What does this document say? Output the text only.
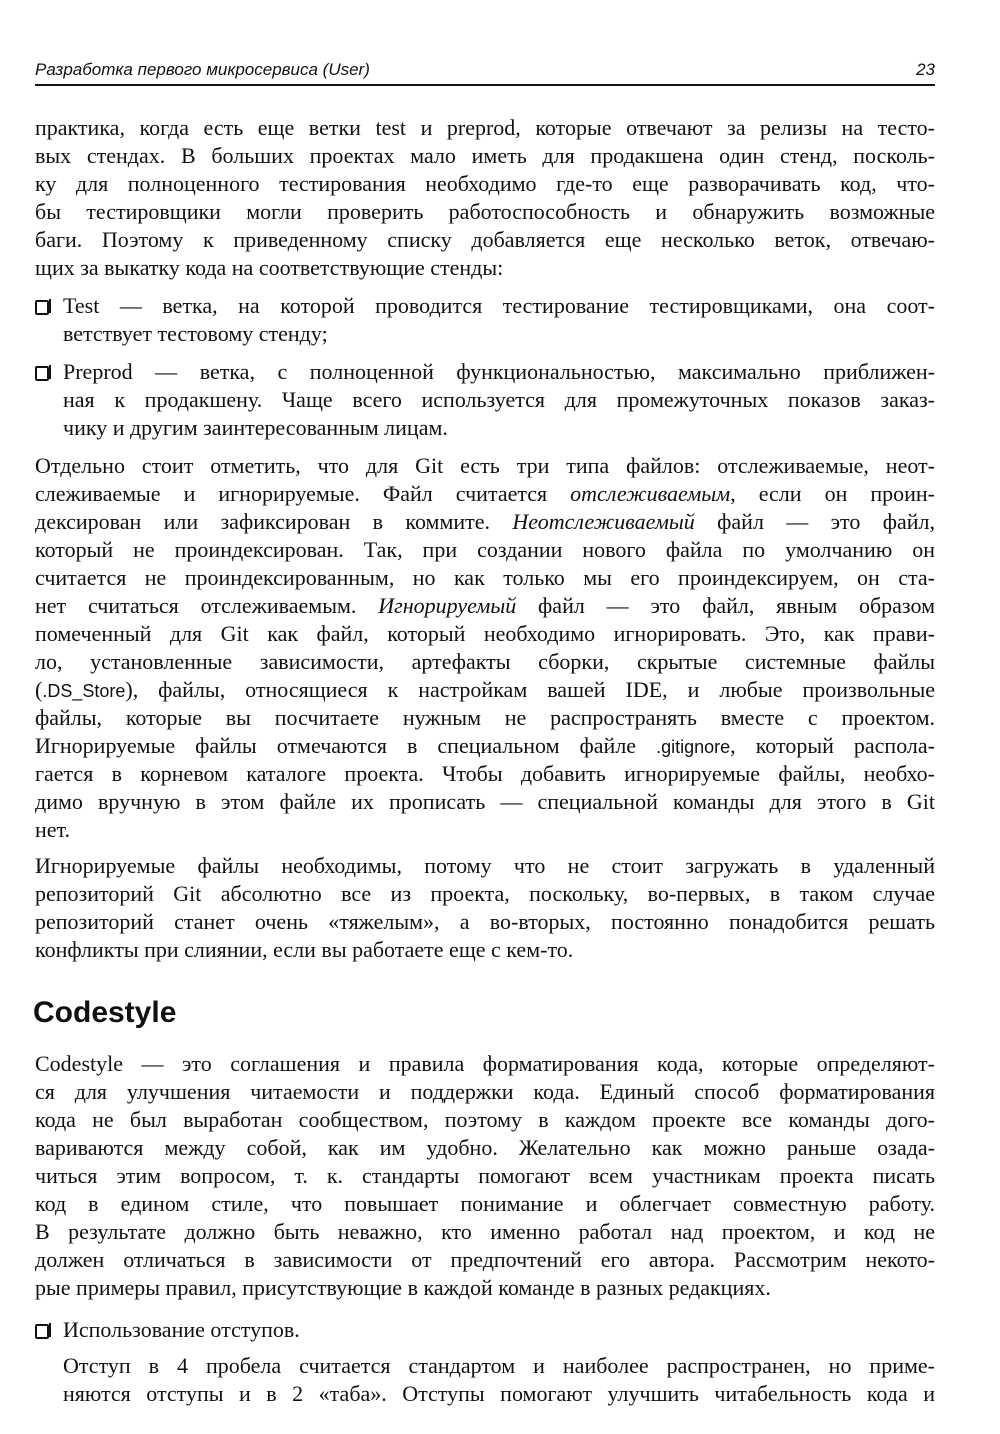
Разработка первого микросервиса (User)	23
Codestyle
практика, когда есть еще ветки test и preprod, которые отвечают за релизы на тесто-
вых стендах. В больших проектах мало иметь для продакшена один стенд, посколь-
ку для полноценного тестирования необходимо где-то еще разворачивать код, что-
бы тестировщики могли проверить работоспособность и обнаружить возможные
баги. Поэтому к приведенному списку добавляется еще несколько веток, отвечаю-
щих за выкатку кода на соответствующие стенды:
Test — ветка, на которой проводится тестирование тестировщиками, она соот-
ветствует тестовому стенду;
Preprod — ветка, с полноценной функциональностью, максимально приближен-
ная к продакшену. Чаще всего используется для промежуточных показов заказ-
чику и другим заинтересованным лицам.
Отдельно стоит отметить, что для Git есть три типа файлов: отслеживаемые, неот-
слеживаемые и игнорируемые. Файл считается отслеживаемым, если он проин-
дексирован или зафиксирован в коммите. Неотслеживаемый файл — это файл,
который не проиндексирован. Так, при создании нового файла по умолчанию он
считается не проиндексированным, но как только мы его проиндексируем, он ста-
нет считаться отслеживаемым. Игнорируемый файл — это файл, явным образом
помеченный для Git как файл, который необходимо игнорировать. Это, как прави-
ло, установленные зависимости, артефакты сборки, скрытые системные файлы
(.DS_Store), файлы, относящиеся к настройкам вашей IDE, и любые произвольные
файлы, которые вы посчитаете нужным не распространять вместе с проектом.
Игнорируемые файлы отмечаются в специальном файле .gitignore, который распола-
гается в корневом каталоге проекта. Чтобы добавить игнорируемые файлы, необхо-
димо вручную в этом файле их прописать — специальной команды для этого в Git
нет.
Игнорируемые файлы необходимы, потому что не стоит загружать в удаленный
репозиторий Git абсолютно все из проекта, поскольку, во-первых, в таком случае
репозиторий станет очень «тяжелым», а во-вторых, постоянно понадобится решать
конфликты при слиянии, если вы работаете еще с кем-то.
Codestyle — это соглашения и правила форматирования кода, которые определяют-
ся для улучшения читаемости и поддержки кода. Единый способ форматирования
кода не был выработан сообществом, поэтому в каждом проекте все команды дого-
вариваются между собой, как им удобно. Желательно как можно раньше озада-
читься этим вопросом, т. к. стандарты помогают всем участникам проекта писать
код в едином стиле, что повышает понимание и облегчает совместную работу.
В результате должно быть неважно, кто именно работал над проектом, и код не
должен отличаться в зависимости от предпочтений его автора. Рассмотрим некото-
рые примеры правил, присутствующие в каждой команде в разных редакциях.
Использование отступов.
Отступ в 4 пробела считается стандартом и наиболее распространен, но приме-
няются отступы и в 2 «таба». Отступы помогают улучшить читабельность кода и
